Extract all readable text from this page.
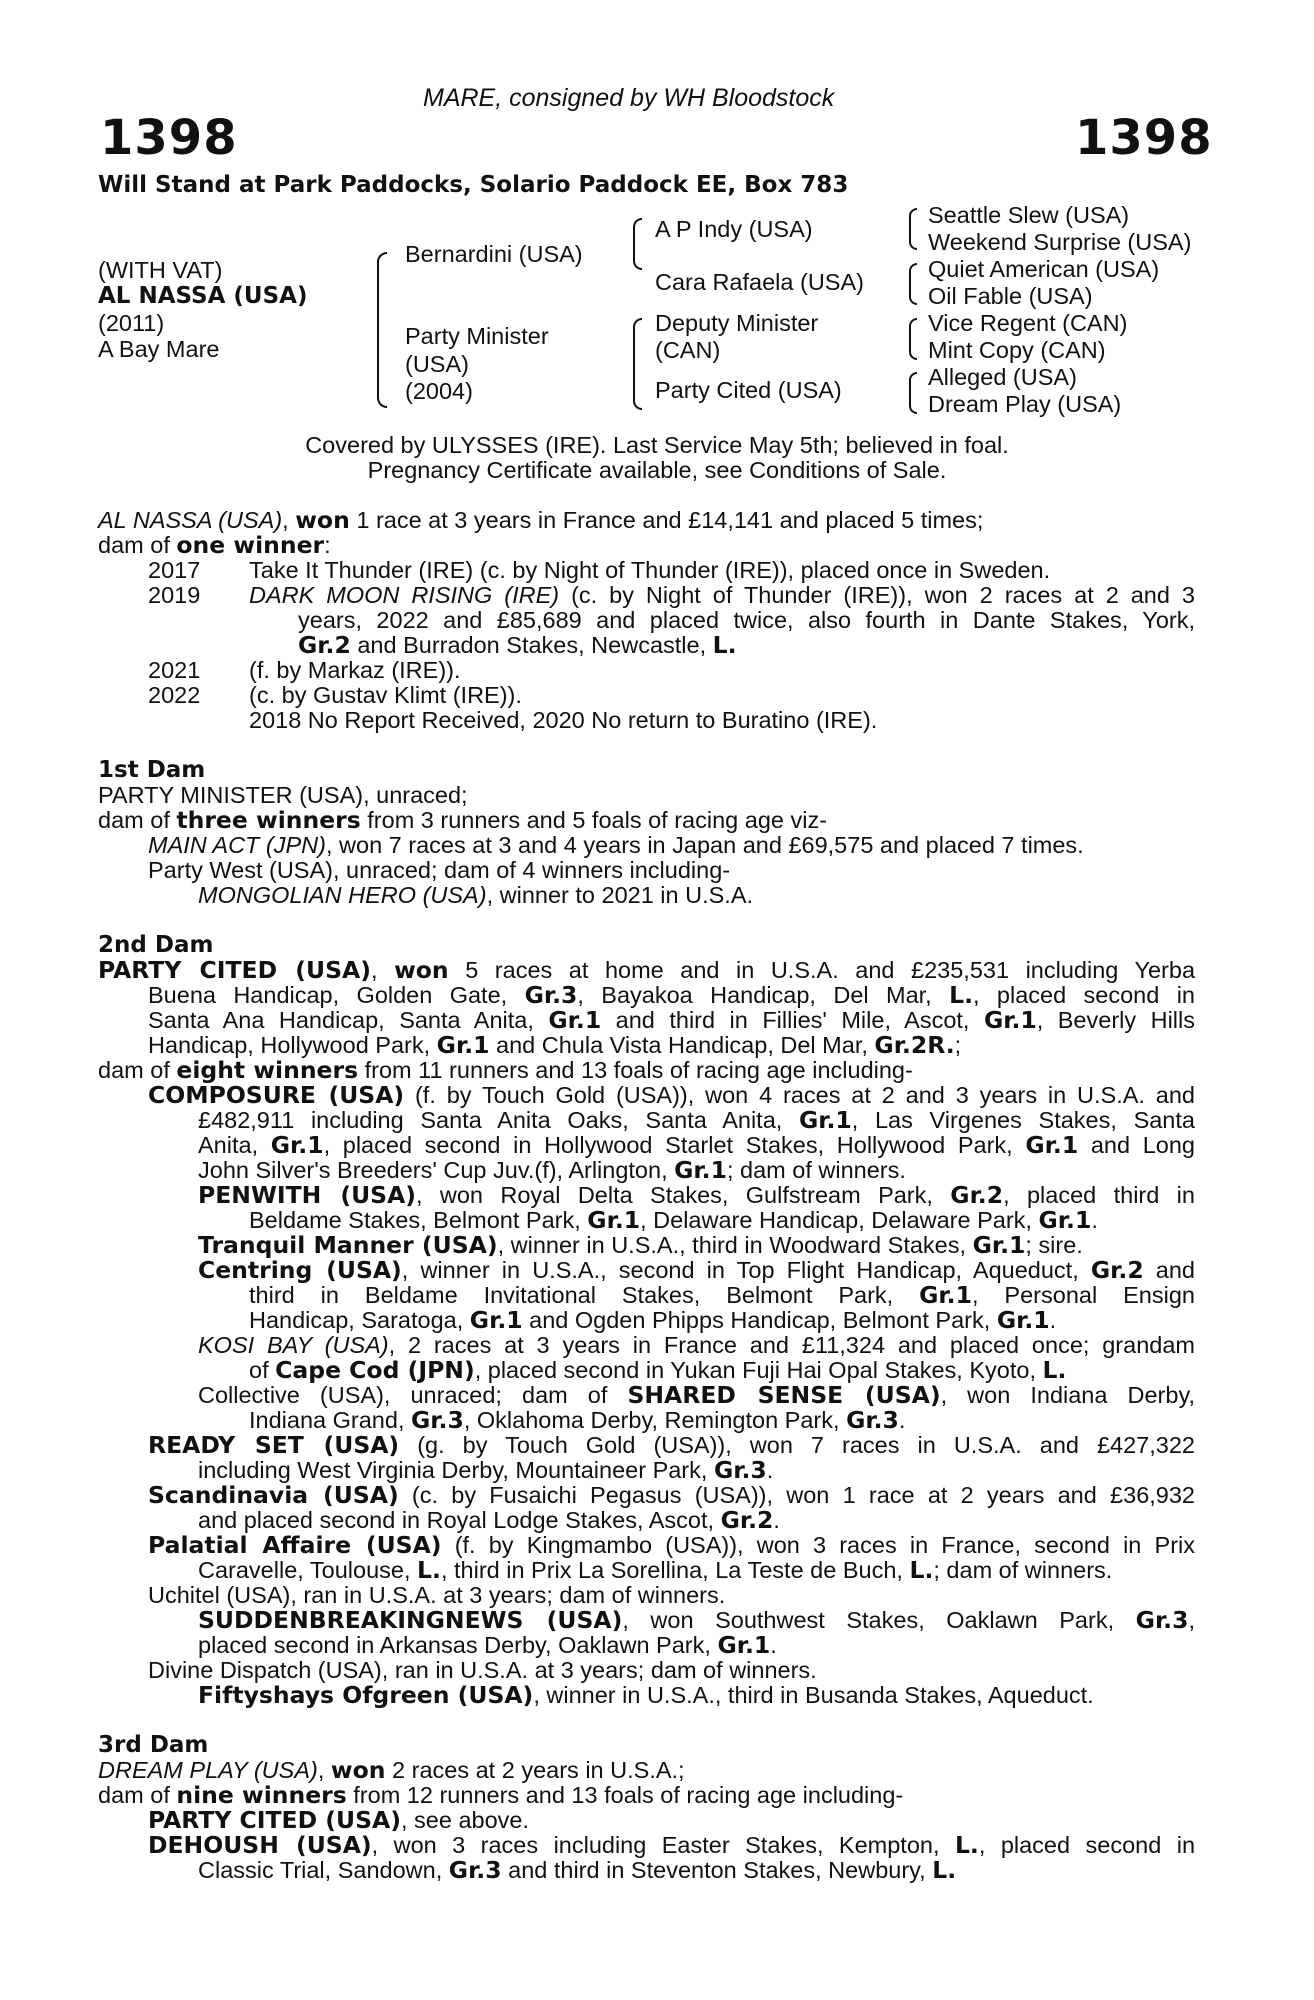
MARE, consigned by WH Bloodstock
1398	1398
Will Stand at Park Paddocks, Solario Paddock EE, Box 783
(WITH VAT)
AL NASSA (USA)
(2011)
A Bay Mare
Bernardini (USA)
Party Minister
(USA)
(2004)
A P Indy (USA)
Cara Rafaela (USA)
Deputy Minister
(CAN)
Party Cited (USA)
Seattle Slew (USA)
Weekend Surprise (USA)
Quiet American (USA)
Oil Fable (USA)
Vice Regent (CAN)
Mint Copy (CAN)
Alleged (USA)
Dream Play (USA)
Covered by ULYSSES (IRE). Last Service May 5th; believed in foal.
Pregnancy Certificate available, see Conditions of Sale.
AL NASSA (USA), won 1 race at 3 years in France and £14,141 and placed 5 times;
dam of one winner:
2017 Take It Thunder (IRE) (c. by Night of Thunder (IRE)), placed once in Sweden.
2019 DARK MOON RISING (IRE) (c. by Night of Thunder (IRE)), won 2 races at 2 and 3
years, 2022 and £85,689 and placed twice, also fourth in Dante Stakes, York,
Gr.2 and Burradon Stakes, Newcastle, L.
2021 (f. by Markaz (IRE)).
2022 (c. by Gustav Klimt (IRE)).
2018 No Report Received, 2020 No return to Buratino (IRE).
1st Dam
PARTY MINISTER (USA), unraced;
dam of three winners from 3 runners and 5 foals of racing age viz-
MAIN ACT (JPN), won 7 races at 3 and 4 years in Japan and £69,575 and placed 7 times.
Party West (USA), unraced; dam of 4 winners including-
MONGOLIAN HERO (USA), winner to 2021 in U.S.A.
2nd Dam
PARTY CITED (USA), won 5 races at home and in U.S.A. and £235,531 including Yerba
Buena Handicap, Golden Gate, Gr.3, Bayakoa Handicap, Del Mar, L., placed second in
Santa Ana Handicap, Santa Anita, Gr.1 and third in Fillies' Mile, Ascot, Gr.1, Beverly Hills
Handicap, Hollywood Park, Gr.1 and Chula Vista Handicap, Del Mar, Gr.2R.;
dam of eight winners from 11 runners and 13 foals of racing age including-
COMPOSURE (USA) (f. by Touch Gold (USA)), won 4 races at 2 and 3 years in U.S.A. and
£482,911 including Santa Anita Oaks, Santa Anita, Gr.1, Las Virgenes Stakes, Santa
Anita, Gr.1, placed second in Hollywood Starlet Stakes, Hollywood Park, Gr.1 and Long
John Silver's Breeders' Cup Juv.(f), Arlington, Gr.1; dam of winners.
PENWITH (USA), won Royal Delta Stakes, Gulfstream Park, Gr.2, placed third in
Beldame Stakes, Belmont Park, Gr.1, Delaware Handicap, Delaware Park, Gr.1.
Tranquil Manner (USA), winner in U.S.A., third in Woodward Stakes, Gr.1; sire.
Centring (USA), winner in U.S.A., second in Top Flight Handicap, Aqueduct, Gr.2 and
third in Beldame Invitational Stakes, Belmont Park, Gr.1, Personal Ensign
Handicap, Saratoga, Gr.1 and Ogden Phipps Handicap, Belmont Park, Gr.1.
KOSI BAY (USA), 2 races at 3 years in France and £11,324 and placed once; grandam
of Cape Cod (JPN), placed second in Yukan Fuji Hai Opal Stakes, Kyoto, L.
Collective (USA), unraced; dam of SHARED SENSE (USA), won Indiana Derby,
Indiana Grand, Gr.3, Oklahoma Derby, Remington Park, Gr.3.
READY SET (USA) (g. by Touch Gold (USA)), won 7 races in U.S.A. and £427,322
including West Virginia Derby, Mountaineer Park, Gr.3.
Scandinavia (USA) (c. by Fusaichi Pegasus (USA)), won 1 race at 2 years and £36,932
and placed second in Royal Lodge Stakes, Ascot, Gr.2.
Palatial Affaire (USA) (f. by Kingmambo (USA)), won 3 races in France, second in Prix
Caravelle, Toulouse, L., third in Prix La Sorellina, La Teste de Buch, L.; dam of winners.
Uchitel (USA), ran in U.S.A. at 3 years; dam of winners.
SUDDENBREAKINGNEWS (USA), won Southwest Stakes, Oaklawn Park, Gr.3,
placed second in Arkansas Derby, Oaklawn Park, Gr.1.
Divine Dispatch (USA), ran in U.S.A. at 3 years; dam of winners.
Fiftyshays Ofgreen (USA), winner in U.S.A., third in Busanda Stakes, Aqueduct.
3rd Dam
DREAM PLAY (USA), won 2 races at 2 years in U.S.A.;
dam of nine winners from 12 runners and 13 foals of racing age including-
PARTY CITED (USA), see above.
DEHOUSH (USA), won 3 races including Easter Stakes, Kempton, L., placed second in
Classic Trial, Sandown, Gr.3 and third in Steventon Stakes, Newbury, L.
